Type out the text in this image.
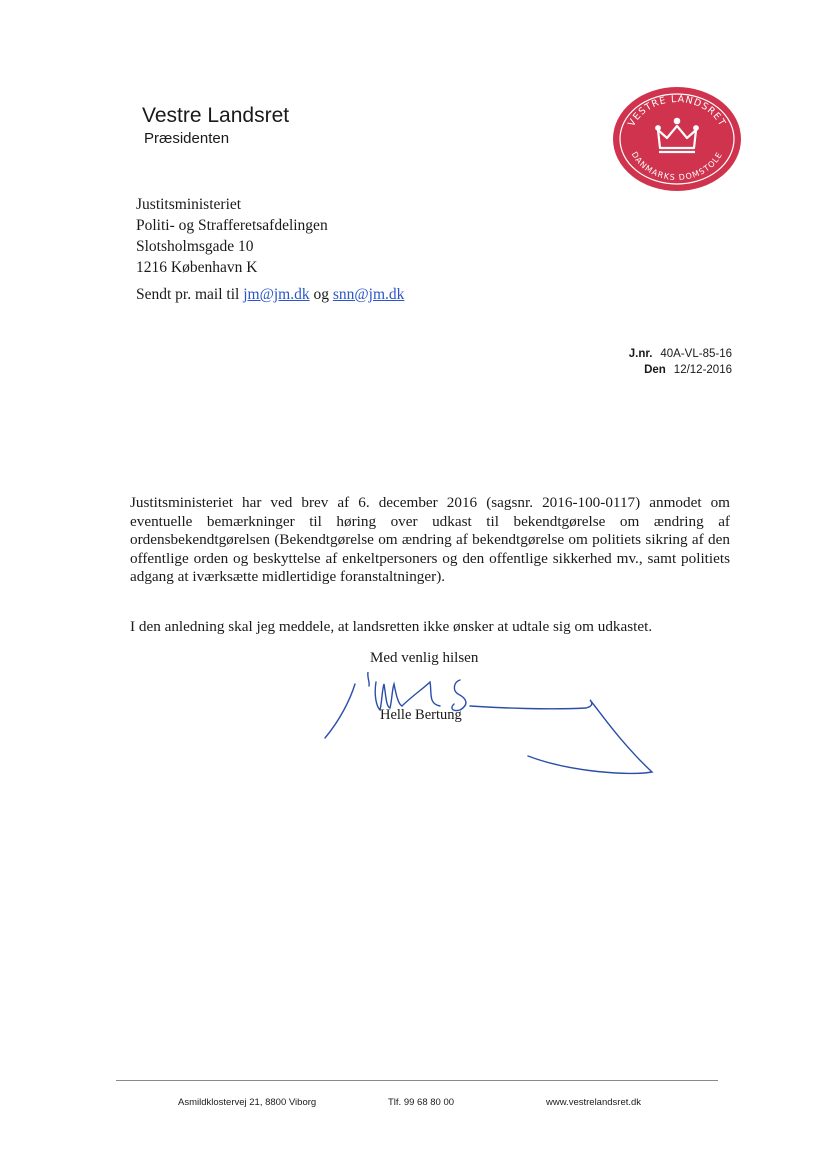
Vestre Landsret
Præsidenten
VESTRE LANDSRET
DANMARKS DOMSTOLE
Justitsministeriet
Politi- og Strafferetsafdelingen
Slotsholmsgade 10
1216 København K
Sendt pr. mail til jm@jm.dk og snn@jm.dk
J.nr. 40A-VL-85-16
Den 12/12-2016
Justitsministeriet har ved brev af 6. december 2016 (sagsnr. 2016-100-0117) anmodet om eventuelle bemærkninger til høring over udkast til bekendtgørelse om ændring af ordensbekendtgørelsen (Bekendtgørelse om ændring af bekendtgørelse om politiets sikring af den offentlige orden og beskyttelse af enkeltpersoners og den offentlige sikkerhed mv., samt politiets adgang at iværksætte midlertidige foranstaltninger).
I den anledning skal jeg meddele, at landsretten ikke ønsker at udtale sig om udkastet.
Med venlig hilsen
Helle Bertung
Asmildklostervej 21, 8800 Viborg	Tlf. 99 68 80 00	www.vestrelandsret.dk
